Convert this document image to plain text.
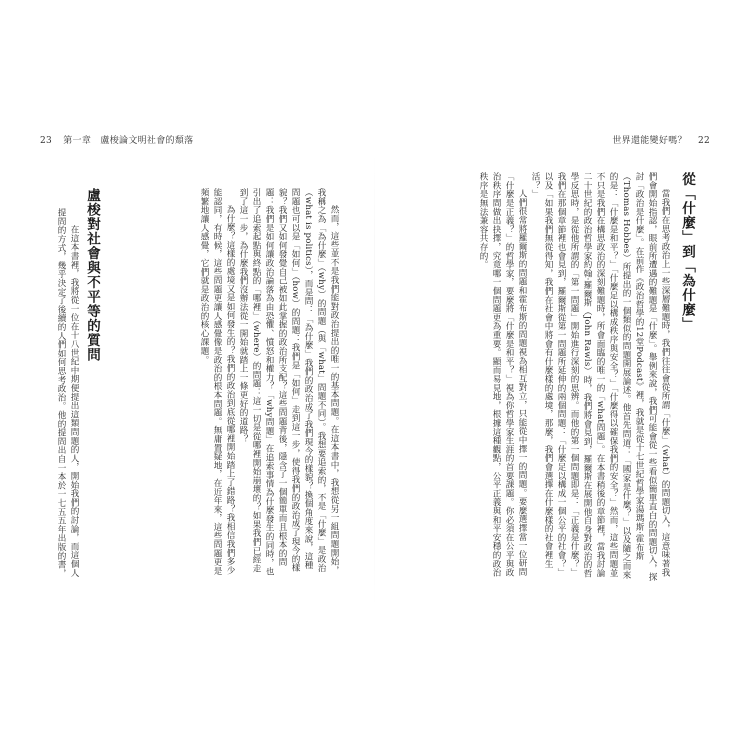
23 第一章　盧梭論文明社會的頹落

然而，這些並不是我們能對政治提出的唯一的基本問題。在這本書中，我想從另一組問題開始，我稱之為「為什麼」（why）的問題（與「what」問題不同）。我想要追索的，不是「什麼」是政治（what is politics），而是問：「為什麼」我們的政治成了我們現今的樣貌？換個角度來說，這種問題也可以是「如何」（how）的問題：我們是「如何」走到這一步，使得我們的政治成了現今的樣貌？我們又如何發覺自己被如此掌握的政治所支配？這些問題背後，隱含了一個簡單而且根本的問題：我們是如何讓政治論落為由恐懼、憤怒和權力？「why問題」在追索事情為什麼發生的同時，也引出了追索起點與終點的「哪裡」（where）的問題：這一切是從哪裡開始崩壞的？如果我們已經走到了這一步，為什麼我們沒辦法從一開始就踏上一條更好的道路？

為什麼？這樣的處境又是如何發生的？我們的政治到底從哪裡開始踏上了錯路？我相信我們多少能認同，有時候，這些問題更讓人感覺像是政治的根本問題。無庸置疑地，在近年來，這些問題更是頻繁地讓人感覺，它們就是政治的核心課題。

盧梭對社會與不平等的質問

在這本書裡，我將從一位在十八世紀中期便提出這類問題的人，開始我們的討論，而這個人提問的方式，幾乎決定了後續的人們如何思考政治。他的提問出自一本於一七五五年出版的書，

世界還能變好嗎？ 22
從「什麼」到「為什麼」

當我們在思考政治上一些深層難題時，我們往往會從所謂「什麼」（what）的問題切入，這意味著我們會開始指認，眼前所遭遇的難題是「什麼」。舉例來說，我們可能會從一些看似簡單直白的問題切入，探討「政治是什麼」。在前作《政治哲學的12堂Podcast》裡，我就是從十七世紀哲學家湯瑪斯‧霍布斯（Thomas Hobbes）所提出的一個類似的問題開展論述。他首先問道：「國家是什麼？」以及隨之而來的是：「什麼是和平？」「什麼足以構成秩序與安全？」「什麼得以確保我們的安全？」然而，這些問題並不只是我們在構思政治的深刻難題時，所會面臨的唯一的「what問題」。在本書稍後的章節裡，當我討論二十世紀的政治哲學家約翰‧羅爾斯（John Rawls）時，我們將會見到，羅爾斯在展開他自身對政治的哲學反思時，是從他所謂的「第一問題」開始進行深刻的思辨。而他的第一個問題即是：「正義是什麼？」我們在那個章節裡也會見到，羅爾斯從第一問題所延伸的兩個問題：「什麼足以構成一個公平的社會？」以及「如果我們無從得知，我們在社會中將會有什麼樣的處境，那麼，我們會選擇在什麼樣的社會裡生活？」

人們很常將羅爾斯的問題和霍布斯的問題視為相互對立，只能從中擇一的問題。要麼選擇當一位研問「什麼是正義？」的哲學家，要麼將「什麼是和平？」視為你哲學家生涯的首要課題。你必須在公平與政治秩序間做出抉擇，究竟哪一個問題更為重要。顯而易見地，根據這種觀點，公平正義與和平安穩的政治秩序是無法兼容共存的。
